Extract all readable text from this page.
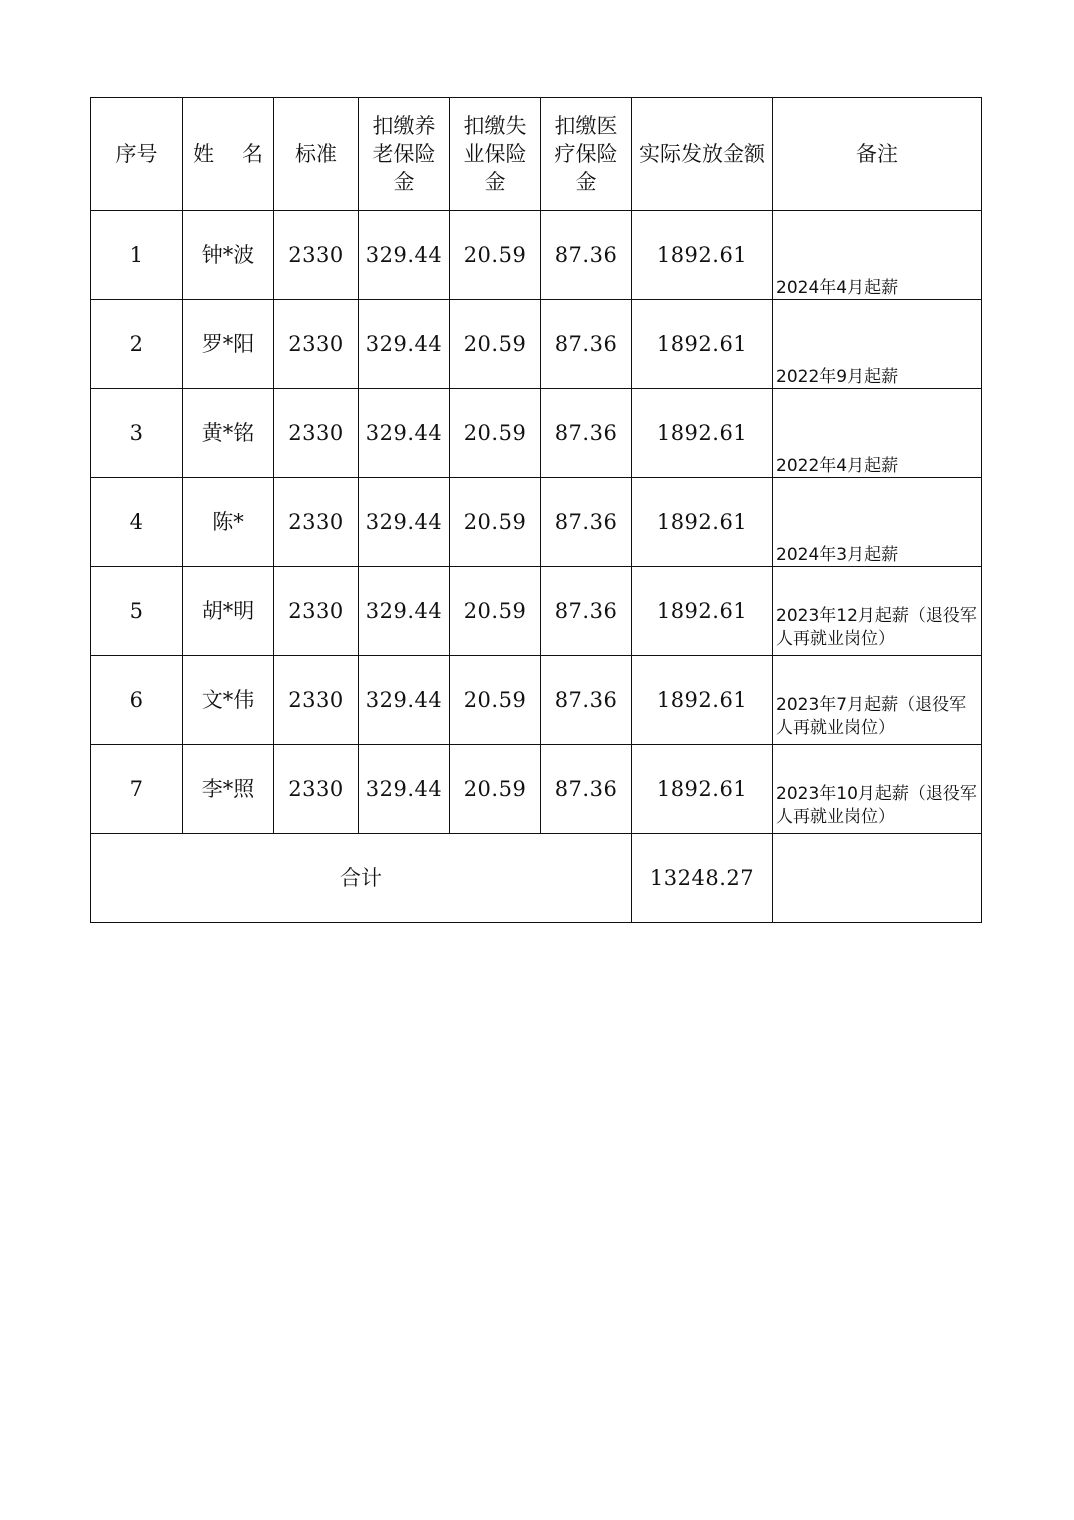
序号	姓 名	标准	扣缴养老保险金	扣缴失业保险金	扣缴医疗保险金	实际发放金额	备注
1	钟*波	2330	329.44	20.59	87.36	1892.61	2024年4月起薪

2	罗*阳	2330	329.44	20.59	87.36	1892.61	2022年9月起薪

3	黄*铭	2330	329.44	20.59	87.36	1892.61	2022年4月起薪

4	陈*	2330	329.44	20.59	87.36	1892.61	2024年3月起薪

5	胡*明	2330	329.44	20.59	87.36	1892.61	2023年12月起薪（退役军人再就业岗位）

6	文*伟	2330	329.44	20.59	87.36	1892.61	2023年7月起薪（退役军人再就业岗位）

7	李*照	2330	329.44	20.59	87.36	1892.61	2023年10月起薪（退役军人再就业岗位）

合计						13248.27	
